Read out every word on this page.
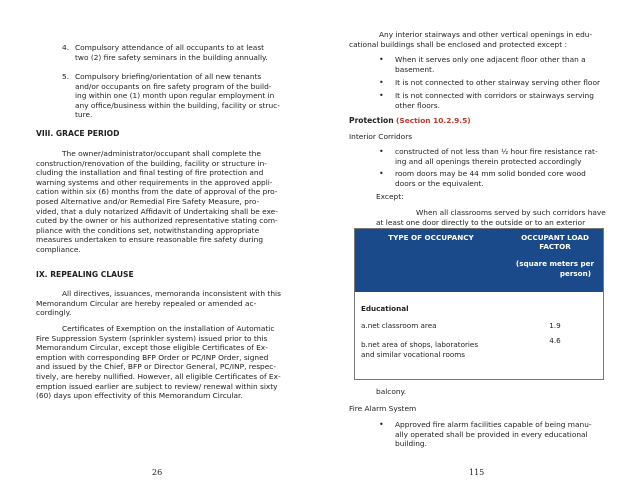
4. Compulsory attendance of all occupants to at least

two (2) fire safety seminars in the building annually.

5. Compulsory briefing/orientation of all new tenants

and/or occupants on fire safety program of the build-

ing within one (1) month upon regular employment in

any office/business within the building, facility or struc-

ture.

VIII. GRACE PERIOD

The owner/administrator/occupant shall complete the

construction/renovation of the building, facility or structure in-

cluding the installation and final testing of fire protection and

warning systems and other requirements in the approved appli-

cation within six (6) months from the date of approval of the pro-

posed Alternative and/or Remedial Fire Safety Measure, pro-

vided, that a duly notarized Affidavit of Undertaking shall be exe-

cuted by the owner or his authorized representative stating com-

pliance with the conditions set, notwithstanding appropriate

measures undertaken to ensure reasonable fire safety during

compliance.

IX. REPEALING CLAUSE

All directives, issuances, memoranda inconsistent with this

Memorandum Circular are hereby repealed or amended ac-

cordingly.

Certificates of Exemption on the installation of Automatic

Fire Suppression System (sprinkler system) issued prior to this

Memorandum Circular, except those eligible Certificates of Ex-

emption with corresponding BFP Order or PC/INP Order, signed

and issued by the Chief, BFP or Director General, PC/INP, respec-

tively, are hereby nullified. However, all eligible Certificates of Ex-

emption issued earlier are subject to review/ renewal within sixty

(60) days upon effectivity of this Memorandum Circular.

26

Any interior stairways and other vertical openings in edu-

cational buildings shall be enclosed and protected except :

• When it serves only one adjacent floor other than a

basement.

• It is not connected to other stairway serving other floor

• It is not connected with corridors or stairways serving

other floors.

Protection (Section 10.2.9.5)

Interior Corridors

• constructed of not less than ½ hour fire resistance rat-

ing and all openings therein protected accordingly

• room doors may be 44 mm solid bonded core wood

doors or the equivalent.

Except:

When all classrooms served by such corridors have

at least one door directly to the outside or to an exterior

TYPE OF OCCUPANCY	OCCUPANT LOAD
FACTOR
(square meters per
person)

Educational	
a.net classroom area	1.9

b.net area of shops, laboratories
and similar vocational rooms	4.6

balcony.

Fire Alarm System

• Approved fire alarm facilities capable of being manu-

ally operated shall be provided in every educational

building.

115
